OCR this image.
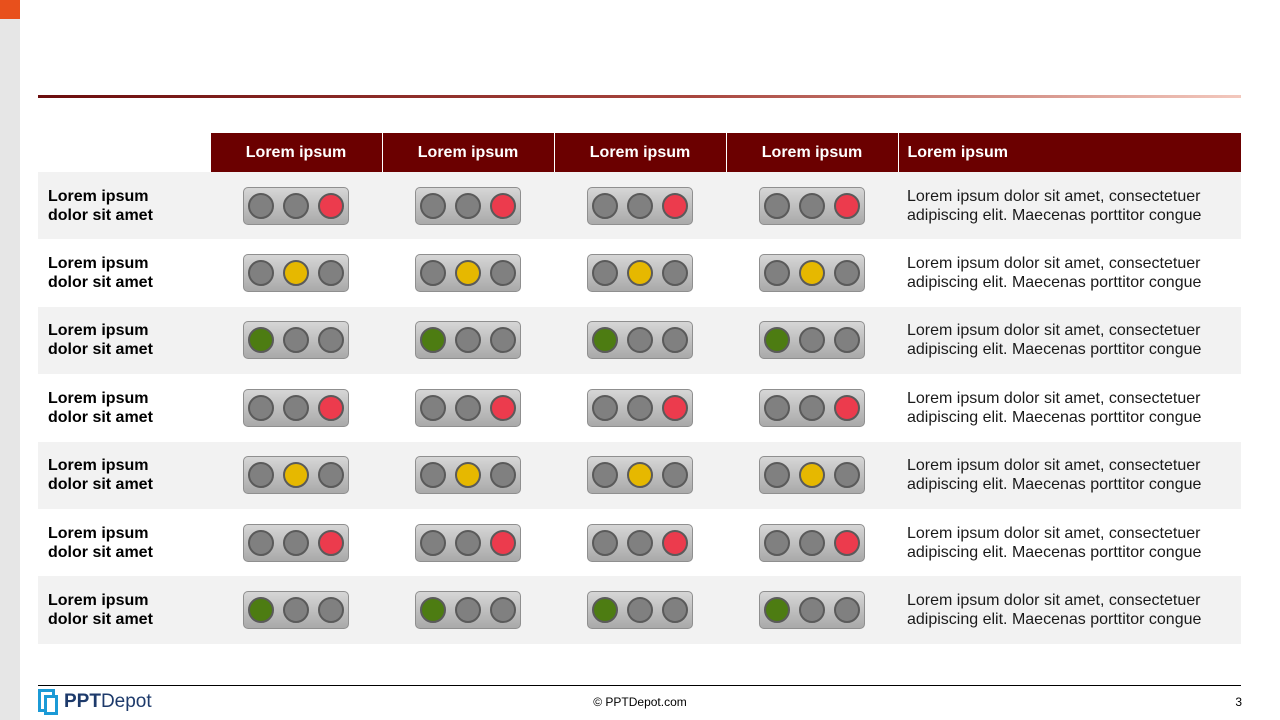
	Lorem ipsum	Lorem ipsum	Lorem ipsum	Lorem ipsum	Lorem ipsum
Lorem ipsum
dolor sit amet					Lorem ipsum dolor sit amet, consectetuer adipiscing elit. Maecenas porttitor congue
Lorem ipsum
dolor sit amet					Lorem ipsum dolor sit amet, consectetuer adipiscing elit. Maecenas porttitor congue
Lorem ipsum
dolor sit amet					Lorem ipsum dolor sit amet, consectetuer adipiscing elit. Maecenas porttitor congue
Lorem ipsum
dolor sit amet					Lorem ipsum dolor sit amet, consectetuer adipiscing elit. Maecenas porttitor congue
Lorem ipsum
dolor sit amet					Lorem ipsum dolor sit amet, consectetuer adipiscing elit. Maecenas porttitor congue
Lorem ipsum
dolor sit amet					Lorem ipsum dolor sit amet, consectetuer adipiscing elit. Maecenas porttitor congue
Lorem ipsum
dolor sit amet					Lorem ipsum dolor sit amet, consectetuer adipiscing elit. Maecenas porttitor congue
PPTDepot	© PPTDepot.com	3
